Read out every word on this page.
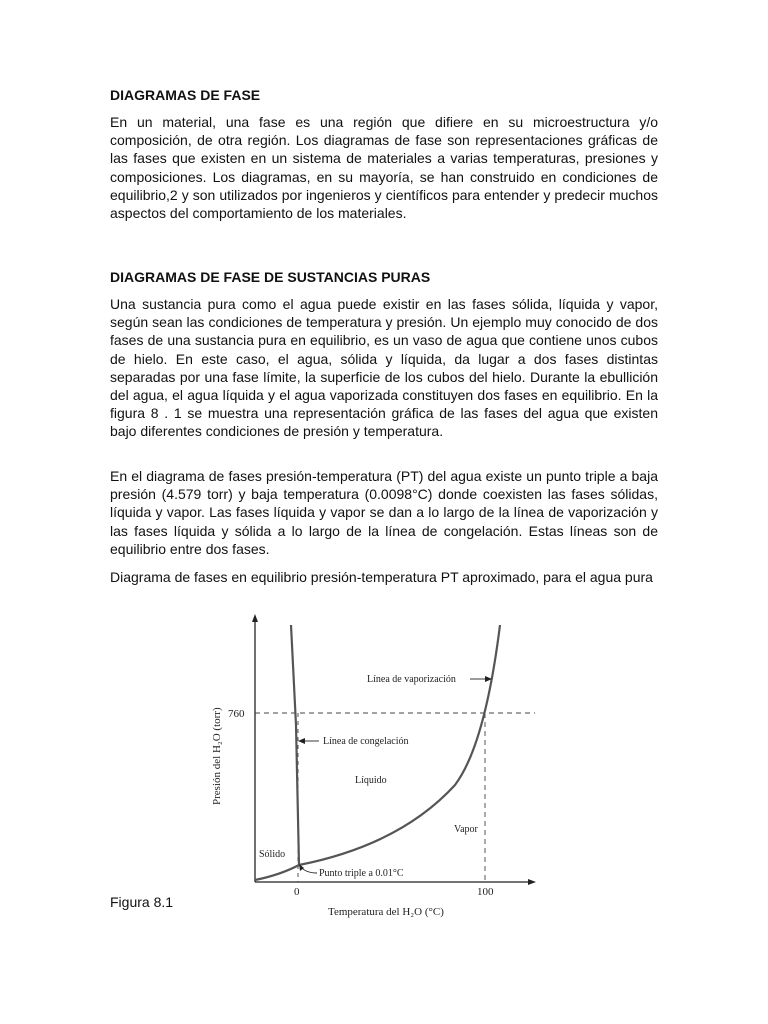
DIAGRAMAS DE FASE

En un material, una fase es una región que difiere en su microestructura y/o composición, de otra región. Los diagramas de fase son representaciones gráficas de las fases que existen en un sistema de materiales a varias temperaturas, presiones y composiciones. Los diagramas, en su mayoría, se han construido en condiciones de equilibrio,2 y son utilizados por ingenieros y científicos para entender y predecir muchos aspectos del comportamiento de los materiales.

DIAGRAMAS DE FASE DE SUSTANCIAS PURAS

Una sustancia pura como el agua puede existir en las fases sólida, líquida y vapor, según sean las condiciones de temperatura y presión. Un ejemplo muy conocido de dos fases de una sustancia pura en equilibrio, es un vaso de agua que contiene unos cubos de hielo. En este caso, el agua, sólida y líquida, da lugar a dos fases distintas separadas por una fase límite, la superficie de los cubos del hielo. Durante la ebullición del agua, el agua líquida y el agua vaporizada constituyen dos fases en equilibrio. En la figura 8 . 1 se muestra una representación gráfica de las fases del agua que existen bajo diferentes condiciones de presión y temperatura.

En el diagrama de fases presión-temperatura (PT) del agua existe un punto triple a baja presión (4.579 torr) y baja temperatura (0.0098°C) donde coexisten las fases sólidas, líquida y vapor. Las fases líquida y vapor se dan a lo largo de la línea de vaporización y las fases líquida y sólida a lo largo de la línea de congelación. Estas líneas son de equilibrio entre dos fases.

Diagrama de fases en equilibrio presión-temperatura PT aproximado, para el agua pura

Figura 8.1
760
0	100
Temperatura del H₂O (°C)
Presión del H₂O (torr)
Sólido
Líquido
Vapor
Línea de vaporización
Línea de congelación
Punto triple a 0.01°C
